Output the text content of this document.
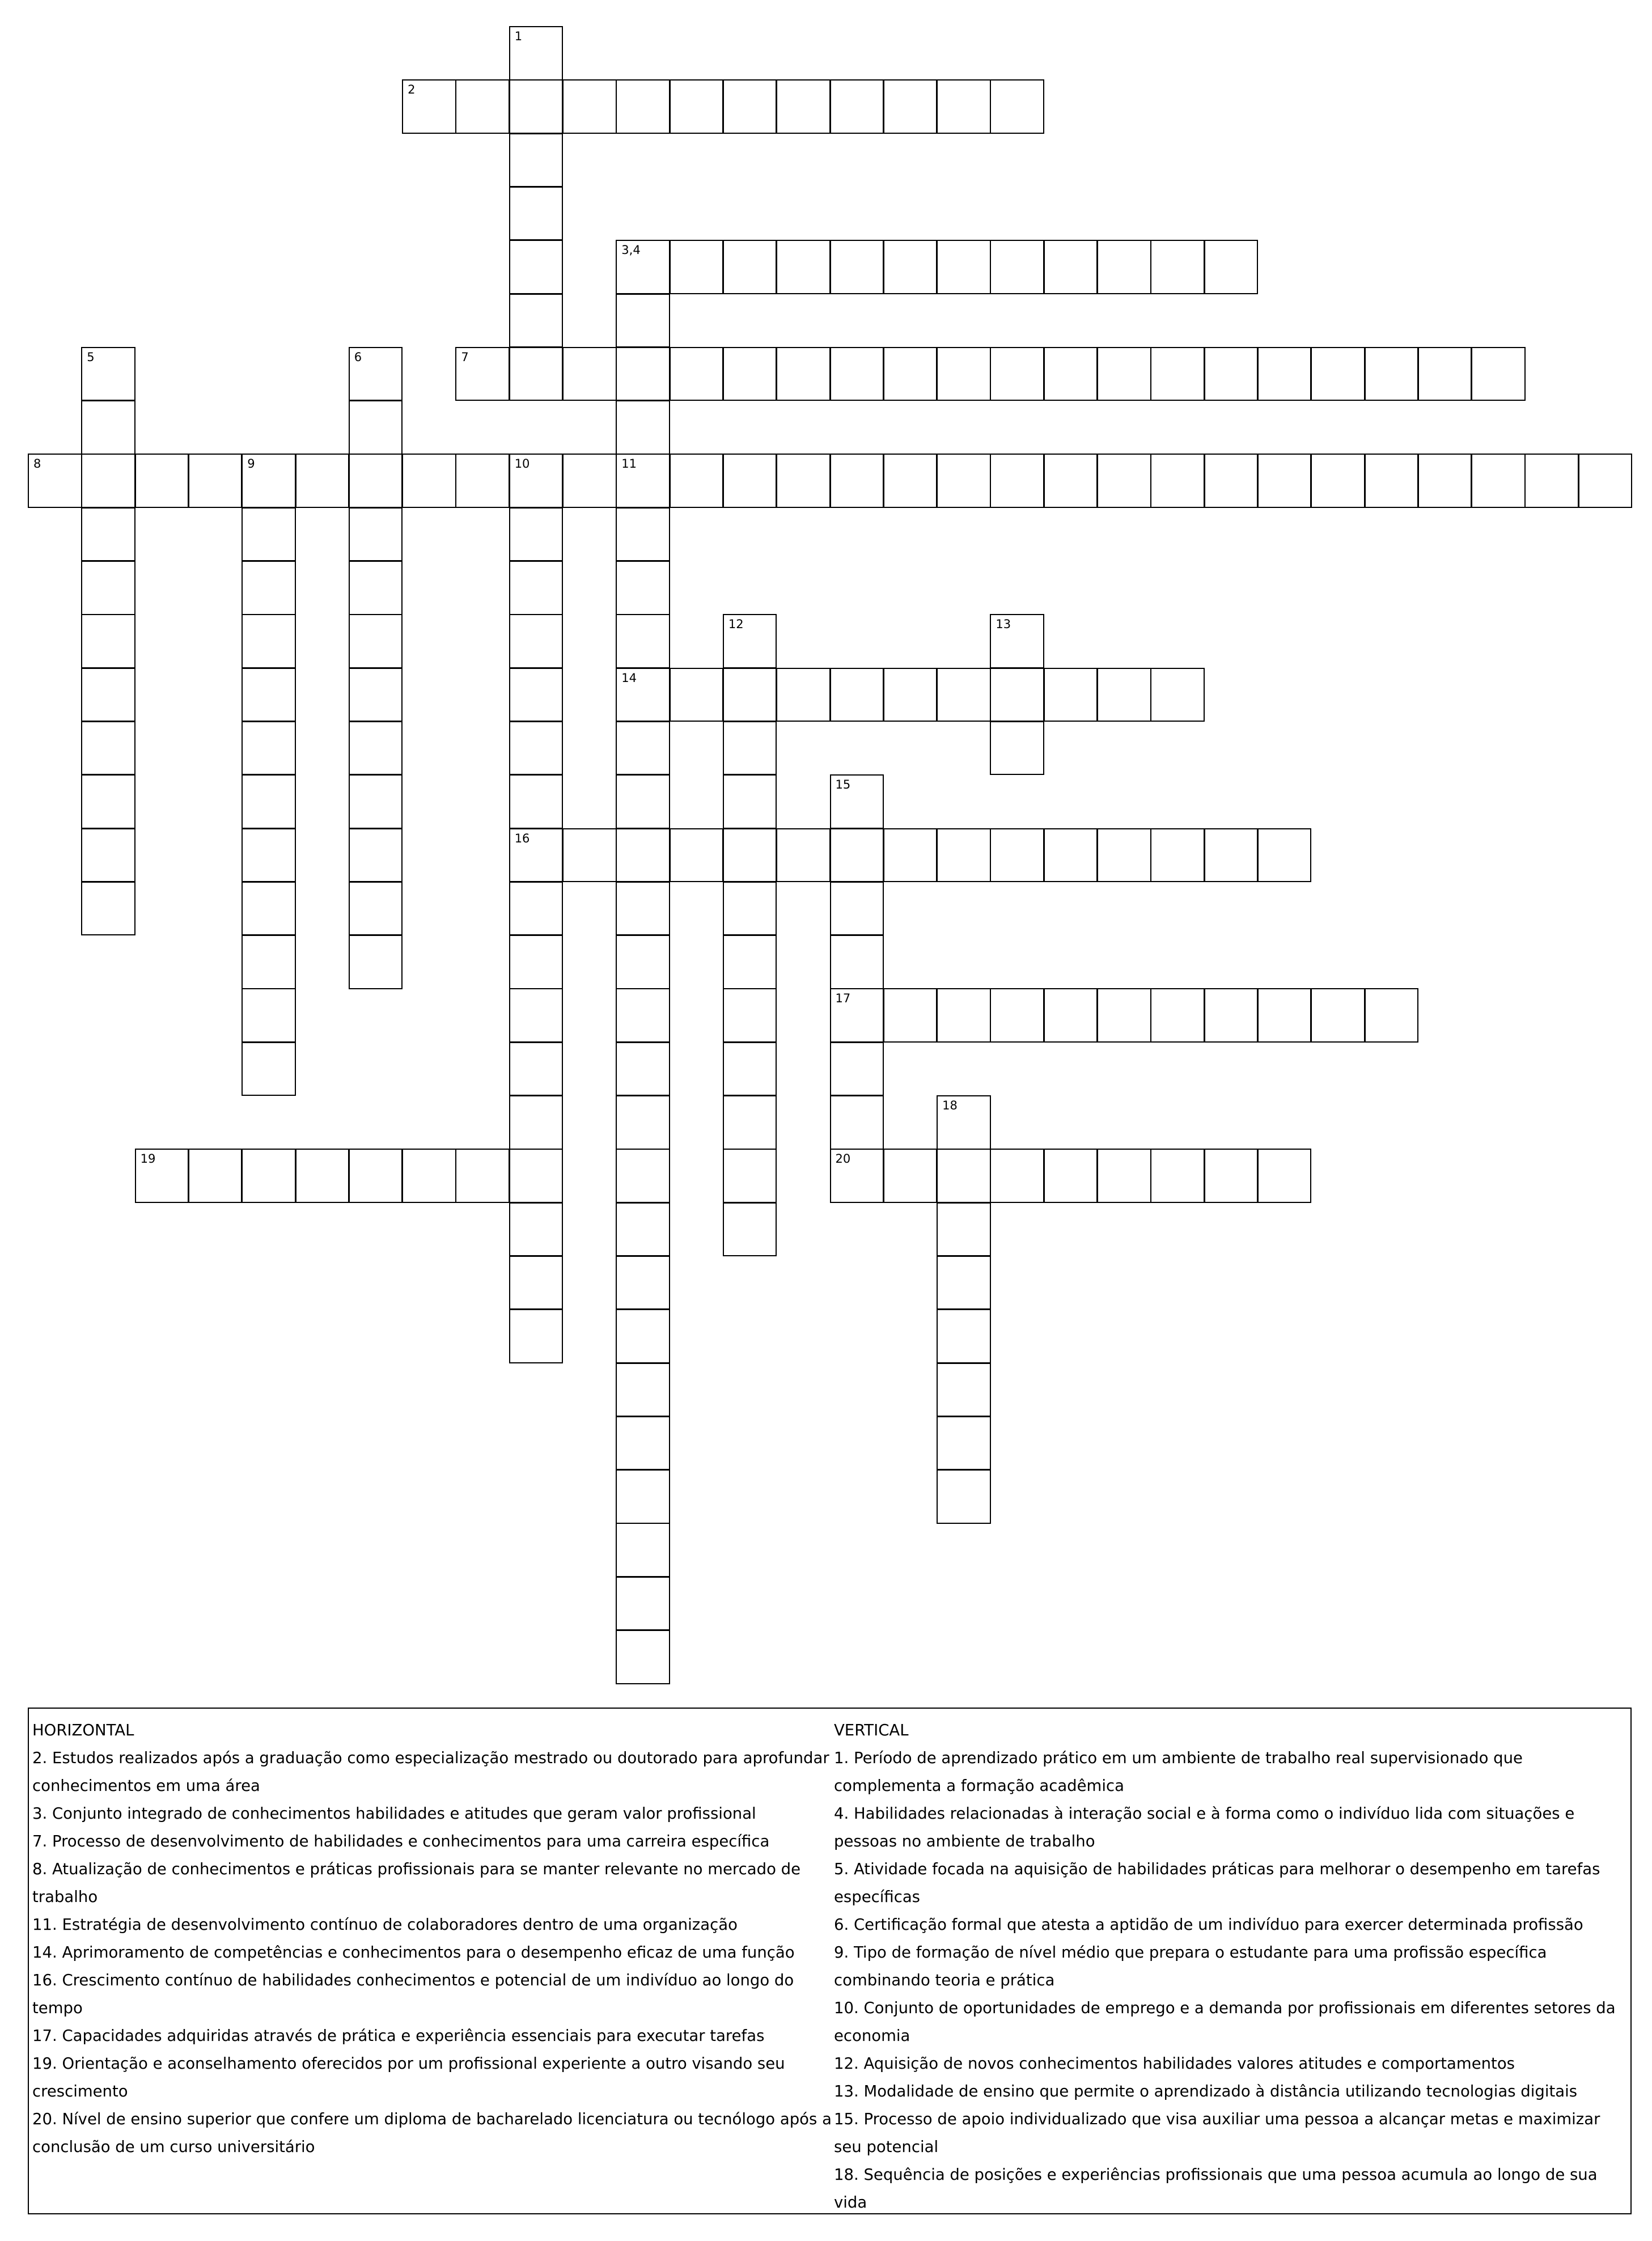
1
2
3,4
11
14
5	6	7
8	9	10
16
12	13
15
17
20
18
19
HORIZONTAL
2. Estudos realizados após a graduação como especialização mestrado ou doutorado para aprofundar conhecimentos em uma área
3. Conjunto integrado de conhecimentos habilidades e atitudes que geram valor profissional
7. Processo de desenvolvimento de habilidades e conhecimentos para uma carreira específica
8. Atualização de conhecimentos e práticas profissionais para se manter relevante no mercado de trabalho
11. Estratégia de desenvolvimento contínuo de colaboradores dentro de uma organização
14. Aprimoramento de competências e conhecimentos para o desempenho eficaz de uma função
16. Crescimento contínuo de habilidades conhecimentos e potencial de um indivíduo ao longo do tempo
17. Capacidades adquiridas através de prática e experiência essenciais para executar tarefas
19. Orientação e aconselhamento oferecidos por um profissional experiente a outro visando seu crescimento
20. Nível de ensino superior que confere um diploma de bacharelado licenciatura ou tecnólogo após a conclusão de um curso universitário
VERTICAL
1. Período de aprendizado prático em um ambiente de trabalho real supervisionado que complementa a formação acadêmica
4. Habilidades relacionadas à interação social e à forma como o indivíduo lida com situações e pessoas no ambiente de trabalho
5. Atividade focada na aquisição de habilidades práticas para melhorar o desempenho em tarefas específicas
6. Certificação formal que atesta a aptidão de um indivíduo para exercer determinada profissão
9. Tipo de formação de nível médio que prepara o estudante para uma profissão específica combinando teoria e prática
10. Conjunto de oportunidades de emprego e a demanda por profissionais em diferentes setores da economia
12. Aquisição de novos conhecimentos habilidades valores atitudes e comportamentos
13. Modalidade de ensino que permite o aprendizado à distância utilizando tecnologias digitais
15. Processo de apoio individualizado que visa auxiliar uma pessoa a alcançar metas e maximizar seu potencial
18. Sequência de posições e experiências profissionais que uma pessoa acumula ao longo de sua vida
